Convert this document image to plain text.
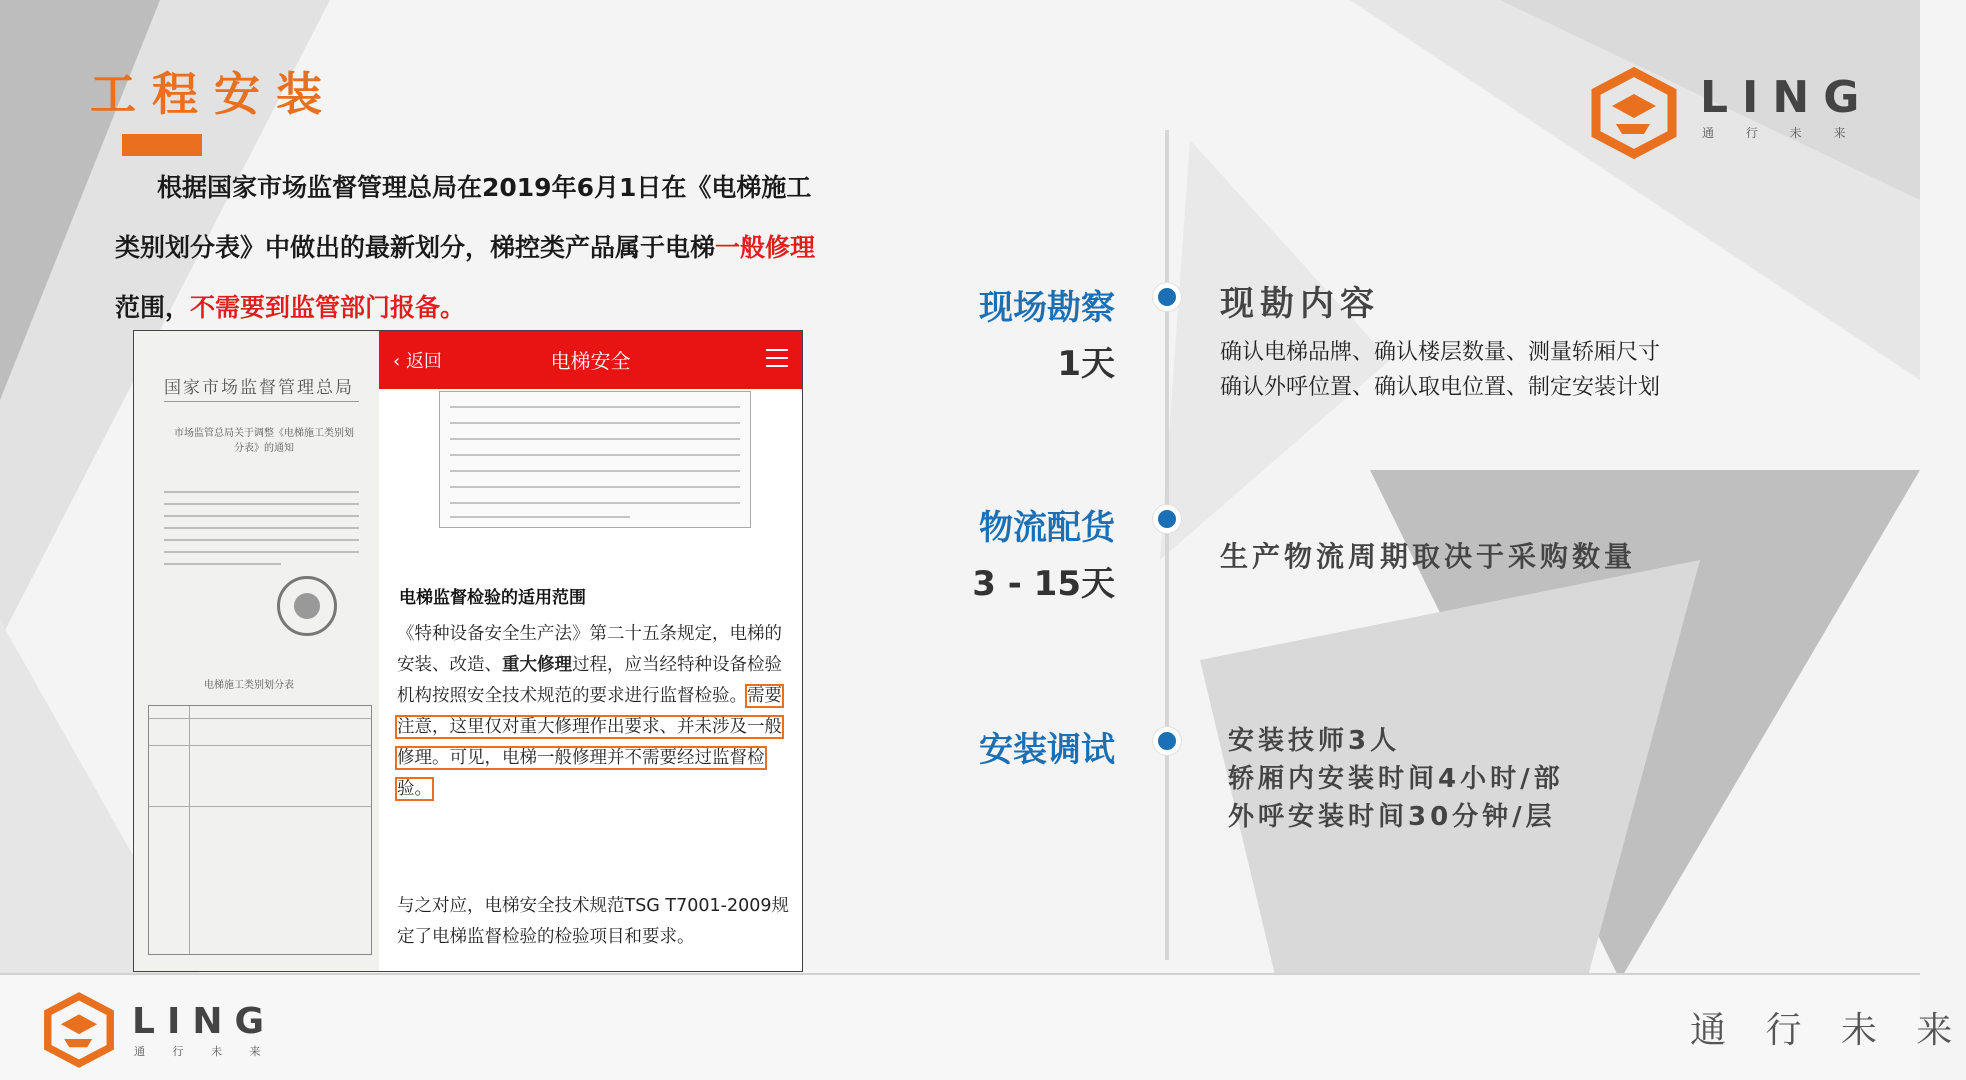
工程安装
根据国家市场监督管理总局在2019年6月1日在《电梯施工类别划分表》中做出的最新划分，梯控类产品属于电梯一般修理范围，不需要到监管部门报备。
国家市场监督管理总局
市场监管总局关于调整《电梯施工类别划分表》的通知
电梯施工类别划分表
‹ 返回	电梯安全
电梯监督检验的适用范围
《特种设备安全生产法》第二十五条规定，电梯的安装、改造、重大修理过程，应当经特种设备检验机构按照安全技术规范的要求进行监督检验。需要注意，这里仅对重大修理作出要求、并未涉及一般修理。可见，电梯一般修理并不需要经过监督检验。
与之对应，电梯安全技术规范TSG T7001-2009规定了电梯监督检验的检验项目和要求。
现场勘察
1天
现勘内容
确认电梯品牌、确认楼层数量、测量轿厢尺寸
确认外呼位置、确认取电位置、制定安装计划
物流配货
3 - 15天
生产物流周期取决于采购数量
安装调试	安装技师3人
轿厢内安装时间4小时/部
外呼安装时间30分钟/层
LING
通 行 未 来
LING
通 行 未 来
通 行 未 来
